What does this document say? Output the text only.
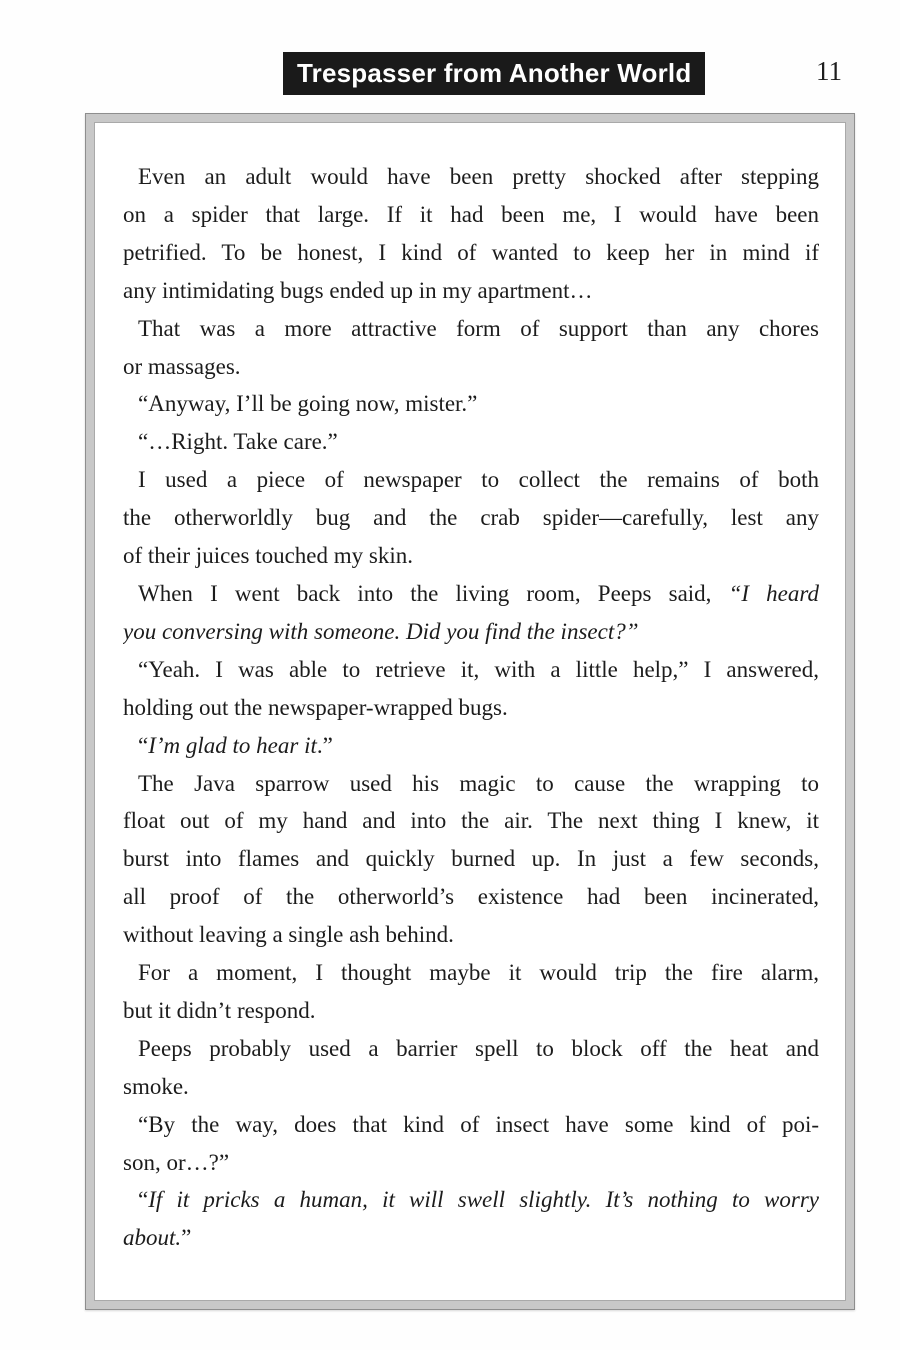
Trespasser from Another World	11
Even an adult would have been pretty shocked after stepping
on a spider that large. If it had been me, I would have been
petrified. To be honest, I kind of wanted to keep her in mind if
any intimidating bugs ended up in my apartment…
That was a more attractive form of support than any chores
or massages.
“Anyway, I’ll be going now, mister.”
“…Right. Take care.”
I used a piece of newspaper to collect the remains of both
the otherworldly bug and the crab spider—carefully, lest any
of their juices touched my skin.
When I went back into the living room, Peeps said, “I heard
you conversing with someone. Did you find the insect?”
“Yeah. I was able to retrieve it, with a little help,” I answered,
holding out the newspaper-wrapped bugs.
“I’m glad to hear it.”
The Java sparrow used his magic to cause the wrapping to
float out of my hand and into the air. The next thing I knew, it
burst into flames and quickly burned up. In just a few seconds,
all proof of the otherworld’s existence had been incinerated,
without leaving a single ash behind.
For a moment, I thought maybe it would trip the fire alarm,
but it didn’t respond.
Peeps probably used a barrier spell to block off the heat and
smoke.
“By the way, does that kind of insect have some kind of poi-
son, or…?”
“If it pricks a human, it will swell slightly. It’s nothing to worry
about.”
